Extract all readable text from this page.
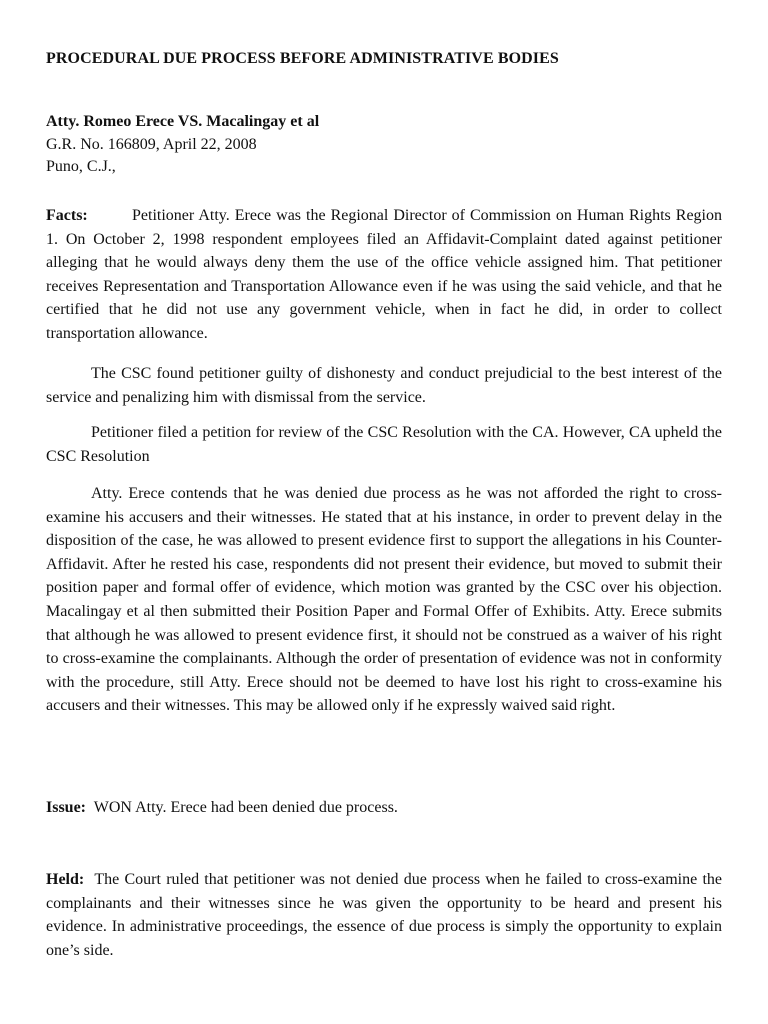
PROCEDURAL DUE PROCESS BEFORE ADMINISTRATIVE BODIES
Atty. Romeo Erece VS. Macalingay et al
G.R. No. 166809, April 22, 2008
Puno, C.J.,
Facts:	Petitioner Atty. Erece was the Regional Director of Commission on Human Rights Region 1. On October 2, 1998 respondent employees filed an Affidavit-Complaint dated against petitioner alleging that he would always deny them the use of the office vehicle assigned him. That petitioner receives Representation and Transportation Allowance even if he was using the said vehicle, and that he certified that he did not use any government vehicle, when in fact he did, in order to collect transportation allowance.
The CSC found petitioner guilty of dishonesty and conduct prejudicial to the best interest of the service and penalizing him with dismissal from the service.
Petitioner filed a petition for review of the CSC Resolution with the CA. However, CA upheld the CSC Resolution
Atty. Erece contends that he was denied due process as he was not afforded the right to cross-examine his accusers and their witnesses. He stated that at his instance, in order to prevent delay in the disposition of the case, he was allowed to present evidence first to support the allegations in his Counter-Affidavit. After he rested his case, respondents did not present their evidence, but moved to submit their position paper and formal offer of evidence, which motion was granted by the CSC over his objection. Macalingay et al then submitted their Position Paper and Formal Offer of Exhibits. Atty. Erece submits that although he was allowed to present evidence first, it should not be construed as a waiver of his right to cross-examine the complainants. Although the order of presentation of evidence was not in conformity with the procedure, still Atty. Erece should not be deemed to have lost his right to cross-examine his accusers and their witnesses. This may be allowed only if he expressly waived said right.
Issue: WON Atty. Erece had been denied due process.
Held: The Court ruled that petitioner was not denied due process when he failed to cross-examine the complainants and their witnesses since he was given the opportunity to be heard and present his evidence. In administrative proceedings, the essence of due process is simply the opportunity to explain one’s side.
